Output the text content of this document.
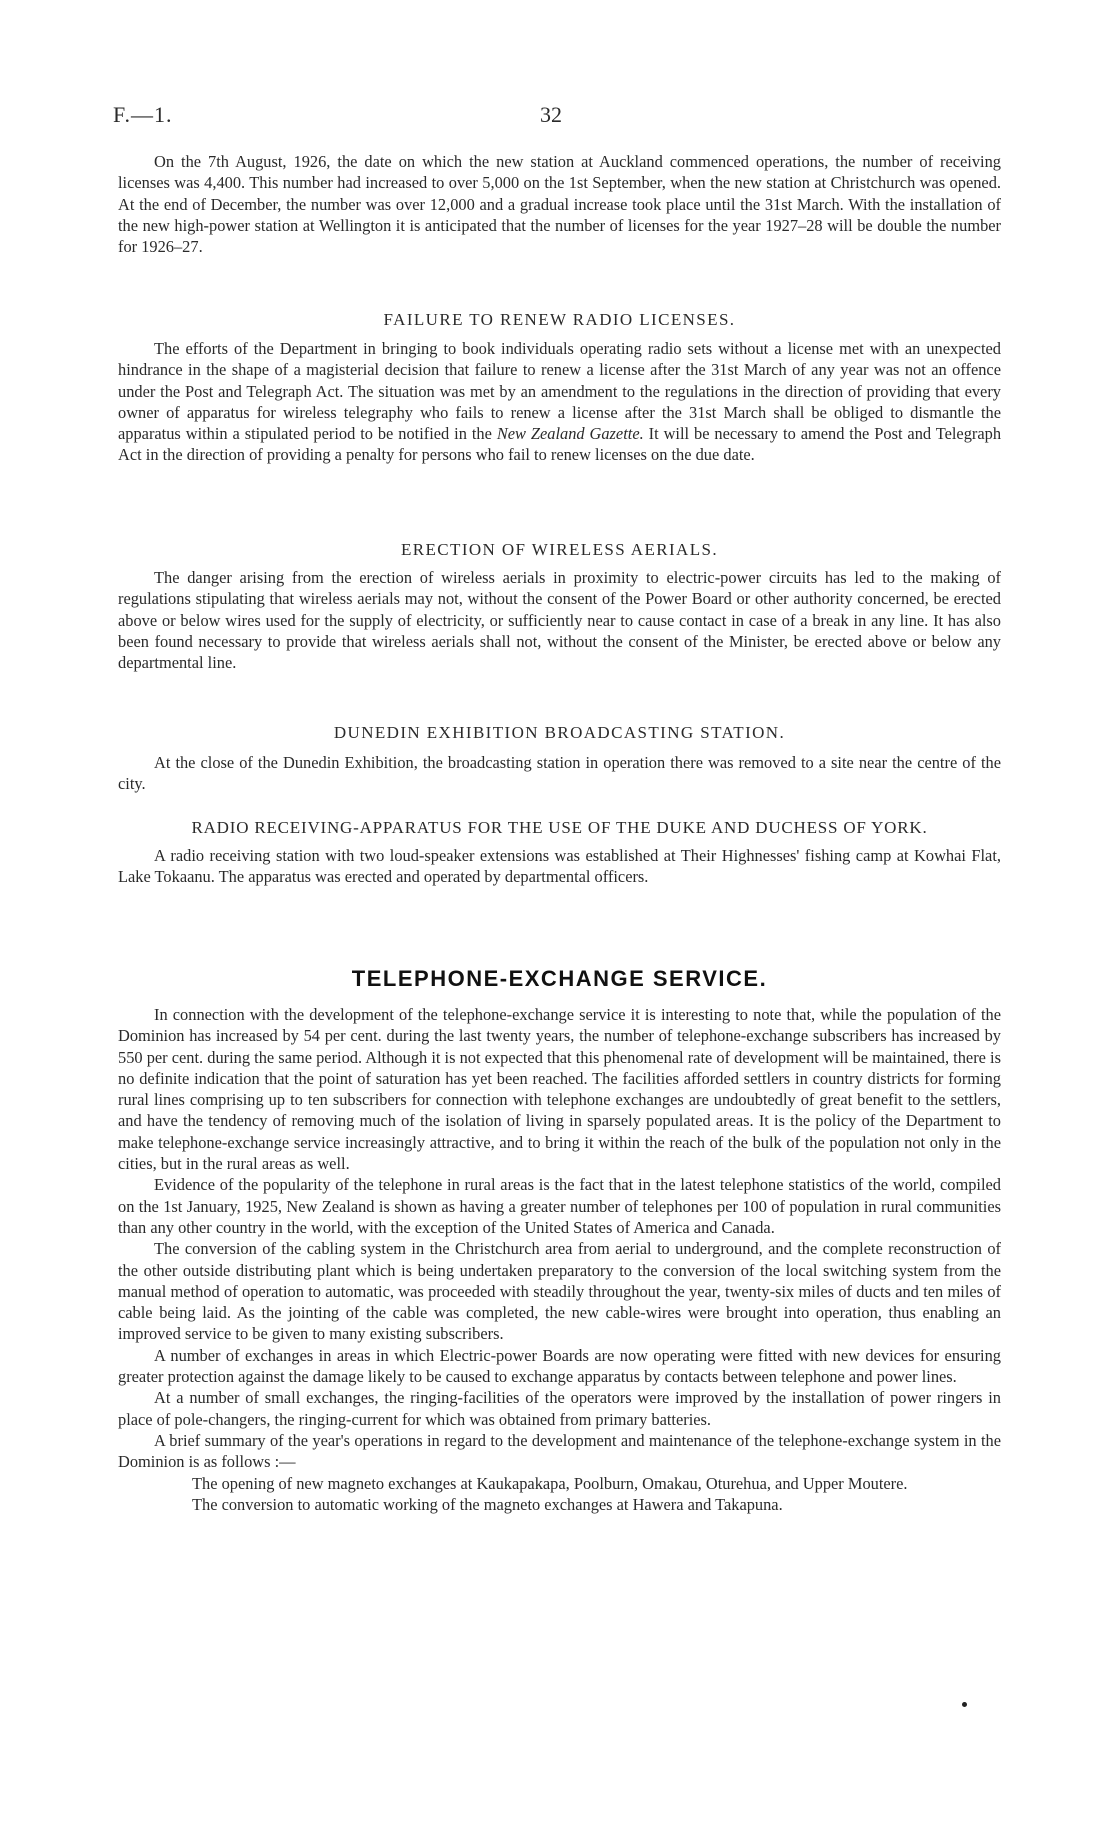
F.—1.	32

On the 7th August, 1926, the date on which the new station at Auckland commenced operations, the number of receiving licenses was 4,400. This number had increased to over 5,000 on the 1st September, when the new station at Christchurch was opened. At the end of December, the number was over 12,000 and a gradual increase took place until the 31st March. With the installation of the new high-power station at Wellington it is anticipated that the number of licenses for the year 1927–28 will be double the number for 1926–27.

FAILURE TO RENEW RADIO LICENSES.

The efforts of the Department in bringing to book individuals operating radio sets without a license met with an unexpected hindrance in the shape of a magisterial decision that failure to renew a license after the 31st March of any year was not an offence under the Post and Telegraph Act. The situation was met by an amendment to the regulations in the direction of providing that every owner of apparatus for wireless telegraphy who fails to renew a license after the 31st March shall be obliged to dismantle the apparatus within a stipulated period to be notified in the New Zealand Gazette. It will be necessary to amend the Post and Telegraph Act in the direction of providing a penalty for persons who fail to renew licenses on the due date.

ERECTION OF WIRELESS AERIALS.

The danger arising from the erection of wireless aerials in proximity to electric-power circuits has led to the making of regulations stipulating that wireless aerials may not, without the consent of the Power Board or other authority concerned, be erected above or below wires used for the supply of electricity, or sufficiently near to cause contact in case of a break in any line. It has also been found necessary to provide that wireless aerials shall not, without the consent of the Minister, be erected above or below any departmental line.

DUNEDIN EXHIBITION BROADCASTING STATION.

At the close of the Dunedin Exhibition, the broadcasting station in operation there was removed to a site near the centre of the city.

RADIO RECEIVING-APPARATUS FOR THE USE OF THE DUKE AND DUCHESS OF YORK.

A radio receiving station with two loud-speaker extensions was established at Their Highnesses' fishing camp at Kowhai Flat, Lake Tokaanu. The apparatus was erected and operated by departmental officers.

TELEPHONE-EXCHANGE SERVICE.

In connection with the development of the telephone-exchange service it is interesting to note that, while the population of the Dominion has increased by 54 per cent. during the last twenty years, the number of telephone-exchange subscribers has increased by 550 per cent. during the same period. Although it is not expected that this phenomenal rate of development will be maintained, there is no definite indication that the point of saturation has yet been reached. The facilities afforded settlers in country districts for forming rural lines comprising up to ten subscribers for connection with telephone exchanges are undoubtedly of great benefit to the settlers, and have the tendency of removing much of the isolation of living in sparsely populated areas. It is the policy of the Department to make telephone-exchange service increasingly attractive, and to bring it within the reach of the bulk of the population not only in the cities, but in the rural areas as well.

Evidence of the popularity of the telephone in rural areas is the fact that in the latest telephone statistics of the world, compiled on the 1st January, 1925, New Zealand is shown as having a greater number of telephones per 100 of population in rural communities than any other country in the world, with the exception of the United States of America and Canada.

The conversion of the cabling system in the Christchurch area from aerial to underground, and the complete reconstruction of the other outside distributing plant which is being undertaken preparatory to the conversion of the local switching system from the manual method of operation to automatic, was proceeded with steadily throughout the year, twenty-six miles of ducts and ten miles of cable being laid. As the jointing of the cable was completed, the new cable-wires were brought into operation, thus enabling an improved service to be given to many existing subscribers.

A number of exchanges in areas in which Electric-power Boards are now operating were fitted with new devices for ensuring greater protection against the damage likely to be caused to exchange apparatus by contacts between telephone and power lines.

At a number of small exchanges, the ringing-facilities of the operators were improved by the installation of power ringers in place of pole-changers, the ringing-current for which was obtained from primary batteries.

A brief summary of the year's operations in regard to the development and maintenance of the telephone-exchange system in the Dominion is as follows :—

The opening of new magneto exchanges at Kaukapakapa, Poolburn, Omakau, Oturehua, and Upper Moutere.

The conversion to automatic working of the magneto exchanges at Hawera and Takapuna.
